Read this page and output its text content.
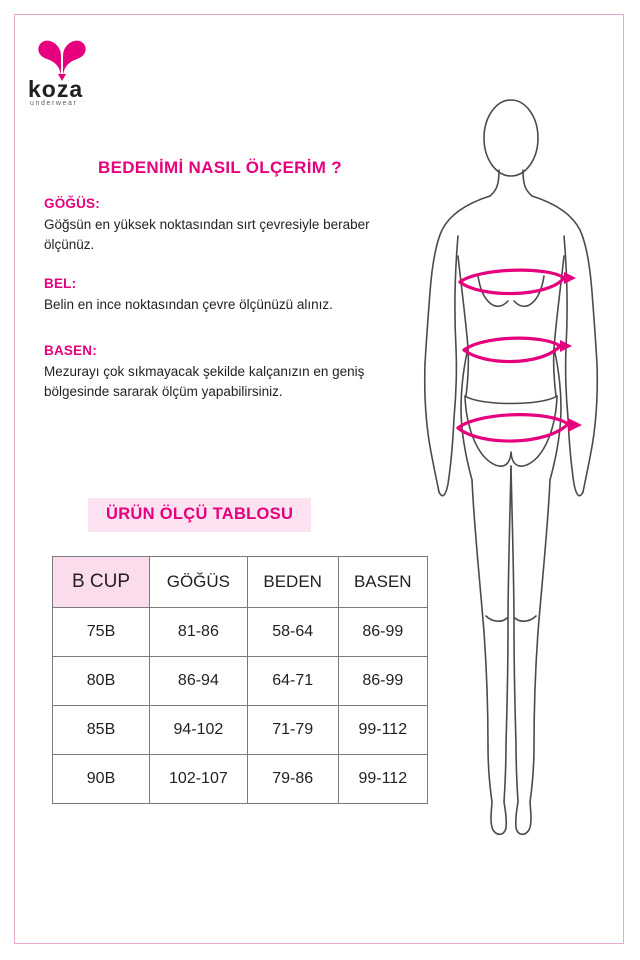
koza
underwear
BEDENİMİ NASIL ÖLÇERİM ?

GÖĞÜS:

Göğsün en yüksek noktasından sırt çevresiyle beraber ölçünüz.

BEL:

Belin en ince noktasından çevre ölçünüzü alınız.

BASEN:

Mezurayı çok sıkmayacak şekilde kalçanızın en geniş bölgesinde sararak ölçüm yapabilirsiniz.

ÜRÜN ÖLÇÜ TABLOSU
B CUP	GÖĞÜS	BEDEN	BASEN
75B	81-86	58-64	86-99
80B	86-94	64-71	86-99
85B	94-102	71-79	99-112
90B	102-107	79-86	99-112
